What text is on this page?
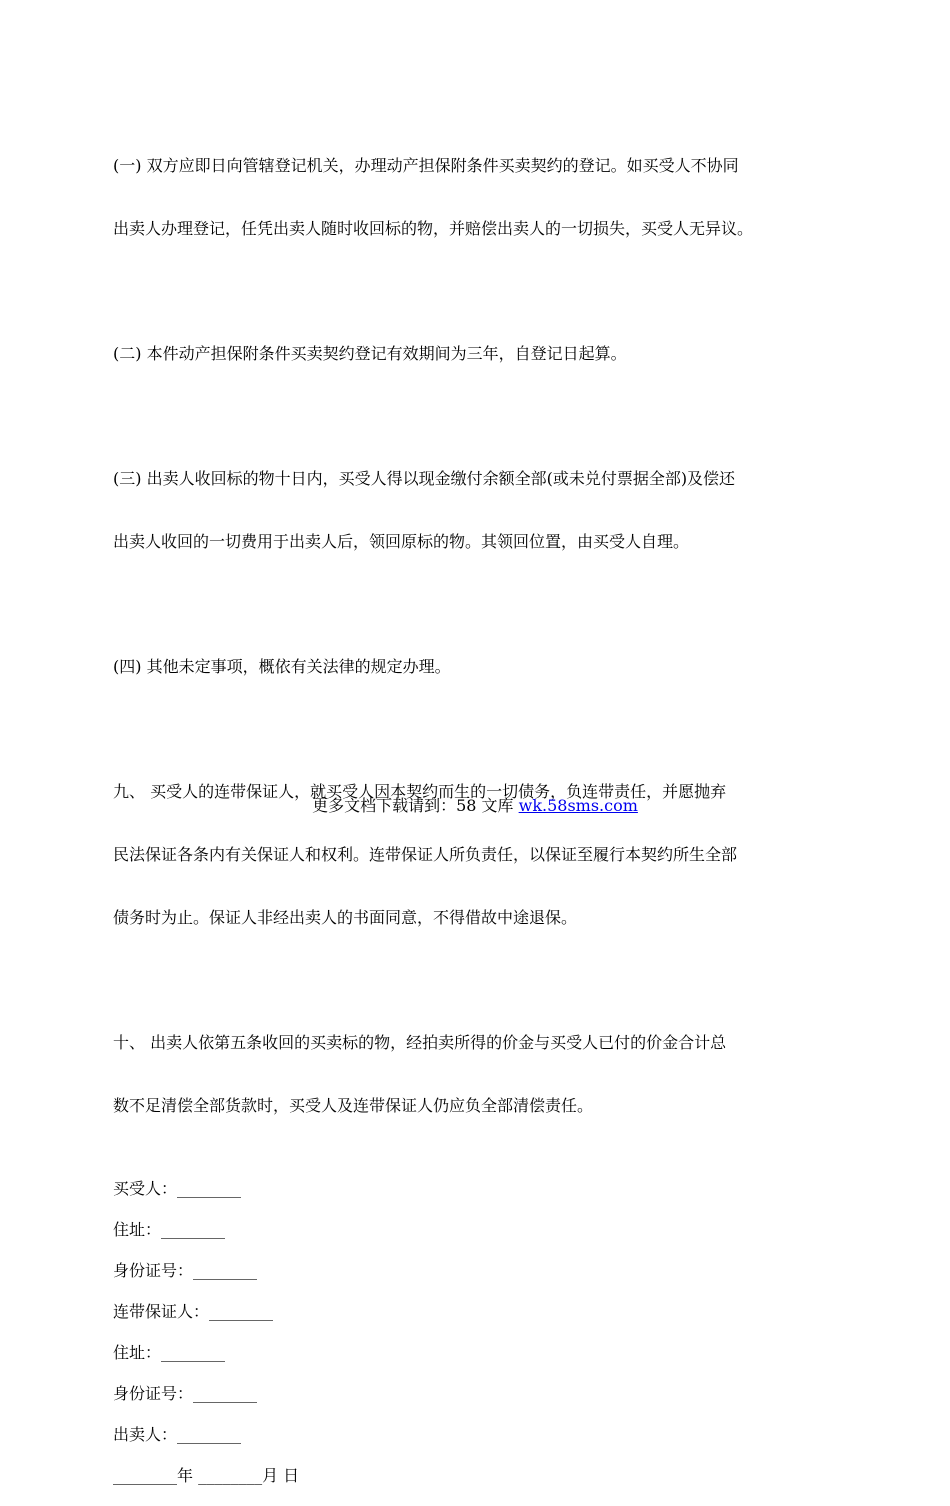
(一) 双方应即日向管辖登记机关，办理动产担保附条件买卖契约的登记。如买受人不协同

出卖人办理登记，任凭出卖人随时收回标的物，并赔偿出卖人的一切损失，买受人无异议。

(二) 本件动产担保附条件买卖契约登记有效期间为三年，自登记日起算。

(三) 出卖人收回标的物十日内，买受人得以现金缴付余额全部(或未兑付票据全部)及偿还

出卖人收回的一切费用于出卖人后，领回原标的物。其领回位置，由买受人自理。

(四) 其他未定事项，概依有关法律的规定办理。

九、 买受人的连带保证人，就买受人因本契约而生的一切债务，负连带责任，并愿抛弃

民法保证各条内有关保证人和权利。连带保证人所负责任，以保证至履行本契约所生全部

债务时为止。保证人非经出卖人的书面同意，不得借故中途退保。

十、 出卖人依第五条收回的买卖标的物，经拍卖所得的价金与买受人已付的价金合计总

数不足清偿全部货款时，买受人及连带保证人仍应负全部清偿责任。

买受人：________

住址：________

身份证号：________

连带保证人：________

住址：________

身份证号：________

出卖人：________

________年 ________月 日

更多文档下载请到：58 文库 wk.58sms.com
